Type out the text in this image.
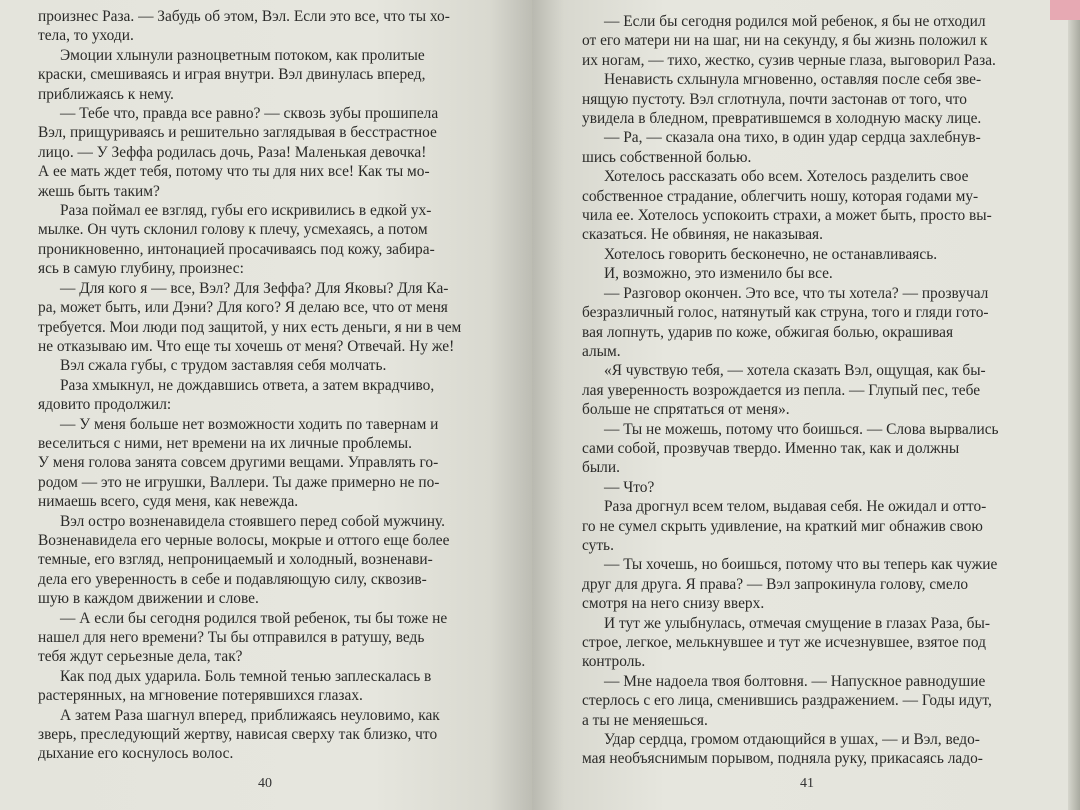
произнес Раза. — Забудь об этом, Вэл. Если это все, что ты хо-

тела, то уходи.

Эмоции хлынули разноцветным потоком, как пролитые

краски, смешиваясь и играя внутри. Вэл двинулась вперед,

приближаясь к нему.

— Тебе что, правда все равно? — сквозь зубы прошипела

Вэл, прищуриваясь и решительно заглядывая в бесстрастное

лицо. — У Зеффа родилась дочь, Раза! Маленькая девочка!

А ее мать ждет тебя, потому что ты для них все! Как ты мо-

жешь быть таким?

Раза поймал ее взгляд, губы его искривились в едкой ух-

мылке. Он чуть склонил голову к плечу, усмехаясь, а потом

проникновенно, интонацией просачиваясь под кожу, забира-

ясь в самую глубину, произнес:

— Для кого я — все, Вэл? Для Зеффа? Для Яковы? Для Ка-

ра, может быть, или Дэни? Для кого? Я делаю все, что от меня

требуется. Мои люди под защитой, у них есть деньги, я ни в чем

не отказываю им. Что еще ты хочешь от меня? Отвечай. Ну же!

Вэл сжала губы, с трудом заставляя себя молчать.

Раза хмыкнул, не дождавшись ответа, а затем вкрадчиво,

ядовито продолжил:

— У меня больше нет возможности ходить по тавернам и

веселиться с ними, нет времени на их личные проблемы.

У меня голова занята совсем другими вещами. Управлять го-

родом — это не игрушки, Валлери. Ты даже примерно не по-

нимаешь всего, судя меня, как невежда.

Вэл остро возненавидела стоявшего перед собой мужчину.

Возненавидела его черные волосы, мокрые и оттого еще более

темные, его взгляд, непроницаемый и холодный, возненави-

дела его уверенность в себе и подавляющую силу, сквозив-

шую в каждом движении и слове.

— А если бы сегодня родился твой ребенок, ты бы тоже не

нашел для него времени? Ты бы отправился в ратушу, ведь

тебя ждут серьезные дела, так?

Как под дых ударила. Боль темной тенью заплескалась в

растерянных, на мгновение потерявшихся глазах.

А затем Раза шагнул вперед, приближаясь неуловимо, как

зверь, преследующий жертву, нависая сверху так близко, что

дыхание его коснулось волос.

40

— Если бы сегодня родился мой ребенок, я бы не отходил

от его матери ни на шаг, ни на секунду, я бы жизнь положил к

их ногам, — тихо, жестко, сузив черные глаза, выговорил Раза.

Ненависть схлынула мгновенно, оставляя после себя зве-

нящую пустоту. Вэл сглотнула, почти застонав от того, что

увидела в бледном, превратившемся в холодную маску лице.

— Ра, — сказала она тихо, в один удар сердца захлебнув-

шись собственной болью.

Хотелось рассказать обо всем. Хотелось разделить свое

собственное страдание, облегчить ношу, которая годами му-

чила ее. Хотелось успокоить страхи, а может быть, просто вы-

сказаться. Не обвиняя, не наказывая.

Хотелось говорить бесконечно, не останавливаясь.

И, возможно, это изменило бы все.

— Разговор окончен. Это все, что ты хотела? — прозвучал

безразличный голос, натянутый как струна, того и гляди гото-

вая лопнуть, ударив по коже, обжигая болью, окрашивая

алым.

«Я чувствую тебя, — хотела сказать Вэл, ощущая, как бы-

лая уверенность возрождается из пепла. — Глупый пес, тебе

больше не спрятаться от меня».

— Ты не можешь, потому что боишься. — Слова вырвались

сами собой, прозвучав твердо. Именно так, как и должны

были.

— Что?

Раза дрогнул всем телом, выдавая себя. Не ожидал и отто-

го не сумел скрыть удивление, на краткий миг обнажив свою

суть.

— Ты хочешь, но боишься, потому что вы теперь как чужие

друг для друга. Я права? — Вэл запрокинула голову, смело

смотря на него снизу вверх.

И тут же улыбнулась, отмечая смущение в глазах Раза, бы-

строе, легкое, мелькнувшее и тут же исчезнувшее, взятое под

контроль.

— Мне надоела твоя болтовня. — Напускное равнодушие

стерлось с его лица, сменившись раздражением. — Годы идут,

а ты не меняешься.

Удар сердца, громом отдающийся в ушах, — и Вэл, ведо-

мая необъяснимым порывом, подняла руку, прикасаясь ладо-

41
